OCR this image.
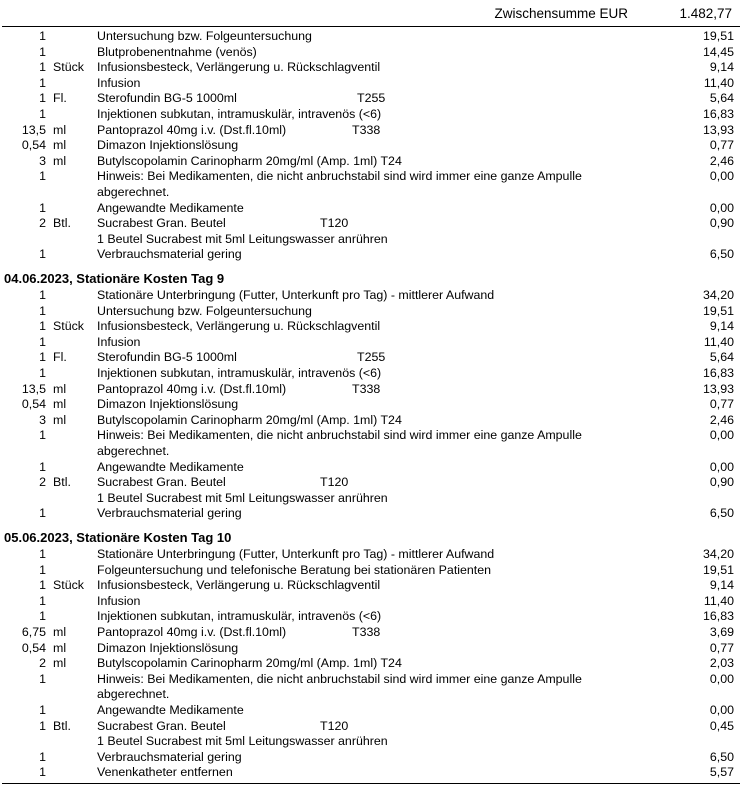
Zwischensumme EUR	1.482,77
1	Untersuchung bzw. Folgeuntersuchung	19,51
1	Blutprobenentnahme (venös)	14,45
1 Stück Infusionsbesteck, Verlängerung u. Rückschlagventil	9,14
1	Infusion	11,40
1 Fl. Sterofundin BG-5 1000ml	T255	5,64
1	Injektionen subkutan, intramuskulär, intravenös (<6)	16,83
13,5 ml Pantoprazol 40mg i.v. (Dst.fl.10ml)	T338	13,93
0,54 ml Dimazon Injektionslösung	0,77
3 ml Butylscopolamin Carinopharm 20mg/ml (Amp. 1ml) T24	2,46
1	Hinweis: Bei Medikamenten, die nicht anbruchstabil sind wird immer eine ganze Ampulle	0,00
abgerechnet.
1	Angewandte Medikamente	0,00
2 Btl. Sucrabest Gran. Beutel	T120	0,90
1 Beutel Sucrabest mit 5ml Leitungswasser anrühren
1	Verbrauchsmaterial gering	6,50
04.06.2023, Stationäre Kosten Tag 9
1	Stationäre Unterbringung (Futter, Unterkunft pro Tag) - mittlerer Aufwand	34,20
1	Untersuchung bzw. Folgeuntersuchung	19,51
1 Stück Infusionsbesteck, Verlängerung u. Rückschlagventil	9,14
1	Infusion	11,40
1 Fl. Sterofundin BG-5 1000ml	T255	5,64
1	Injektionen subkutan, intramuskulär, intravenös (<6)	16,83
13,5 ml Pantoprazol 40mg i.v. (Dst.fl.10ml)	T338	13,93
0,54 ml Dimazon Injektionslösung	0,77
3 ml Butylscopolamin Carinopharm 20mg/ml (Amp. 1ml) T24	2,46
1	Hinweis: Bei Medikamenten, die nicht anbruchstabil sind wird immer eine ganze Ampulle	0,00
abgerechnet.
1	Angewandte Medikamente	0,00
2 Btl. Sucrabest Gran. Beutel	T120	0,90
1 Beutel Sucrabest mit 5ml Leitungswasser anrühren
1	Verbrauchsmaterial gering	6,50
05.06.2023, Stationäre Kosten Tag 10
1	Stationäre Unterbringung (Futter, Unterkunft pro Tag) - mittlerer Aufwand	34,20
1	Folgeuntersuchung und telefonische Beratung bei stationären Patienten	19,51
1 Stück Infusionsbesteck, Verlängerung u. Rückschlagventil	9,14
1	Infusion	11,40
1	Injektionen subkutan, intramuskulär, intravenös (<6)	16,83
6,75 ml Pantoprazol 40mg i.v. (Dst.fl.10ml)	T338	3,69
0,54 ml Dimazon Injektionslösung	0,77
2 ml Butylscopolamin Carinopharm 20mg/ml (Amp. 1ml) T24	2,03
1	Hinweis: Bei Medikamenten, die nicht anbruchstabil sind wird immer eine ganze Ampulle	0,00
abgerechnet.
1	Angewandte Medikamente	0,00
1 Btl. Sucrabest Gran. Beutel	T120	0,45
1 Beutel Sucrabest mit 5ml Leitungswasser anrühren
1	Verbrauchsmaterial gering	6,50
1	Venenkatheter entfernen	5,57
